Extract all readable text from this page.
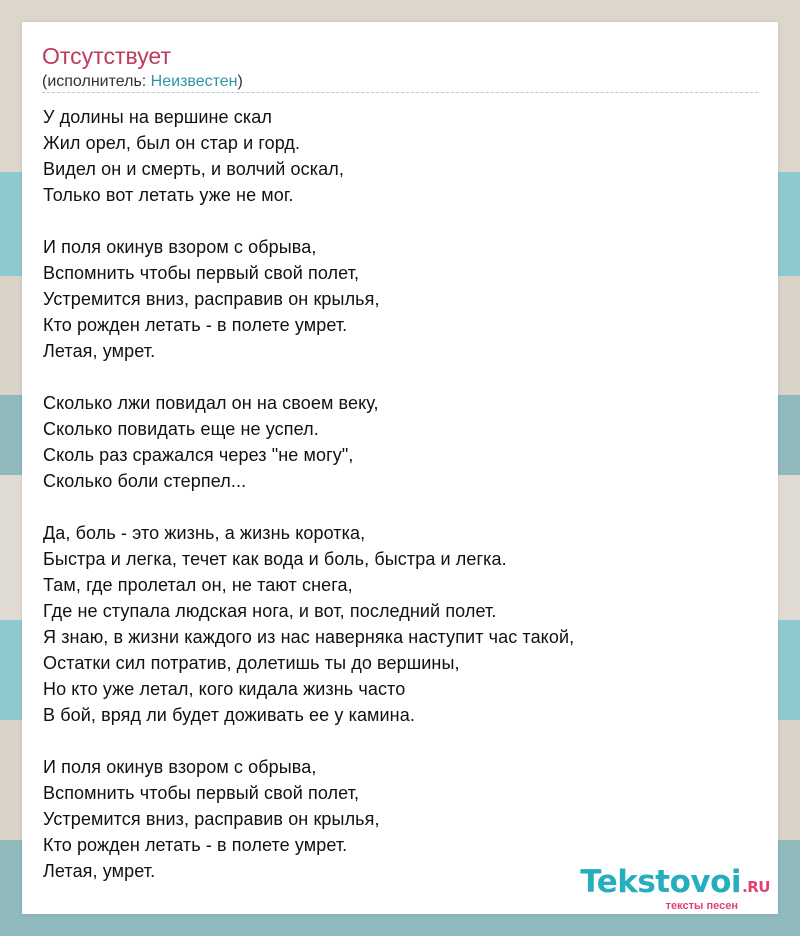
Отсутствует
(исполнитель: Неизвестен)
У долины на вершине скал
Жил орел, был он стар и горд.
Видел он и смерть, и волчий оскал,
Только вот летать уже не мог.
И поля окинув взором с обрыва,
Вспомнить чтобы первый свой полет,
Устремится вниз, расправив он крылья,
Кто рожден летать - в полете умрет.
Летая, умрет.
Сколько лжи повидал он на своем веку,
Сколько повидать еще не успел.
Сколь раз сражался через "не могу",
Сколько боли стерпел...
Да, боль - это жизнь, а жизнь коротка,
Быстра и легка, течет как вода и боль, быстра и легка.
Там, где пролетал он, не тают снега,
Где не ступала людская нога, и вот, последний полет.
Я знаю, в жизни каждого из нас наверняка наступит час такой,
Остатки сил потратив, долетишь ты до вершины,
Но кто уже летал, кого кидала жизнь часто
В бой, вряд ли будет доживать ее у камина.
И поля окинув взором с обрыва,
Вспомнить чтобы первый свой полет,
Устремится вниз, расправив он крылья,
Кто рожден летать - в полете умрет.
Летая, умрет.	Tekstovoi.RU
тексты песен
